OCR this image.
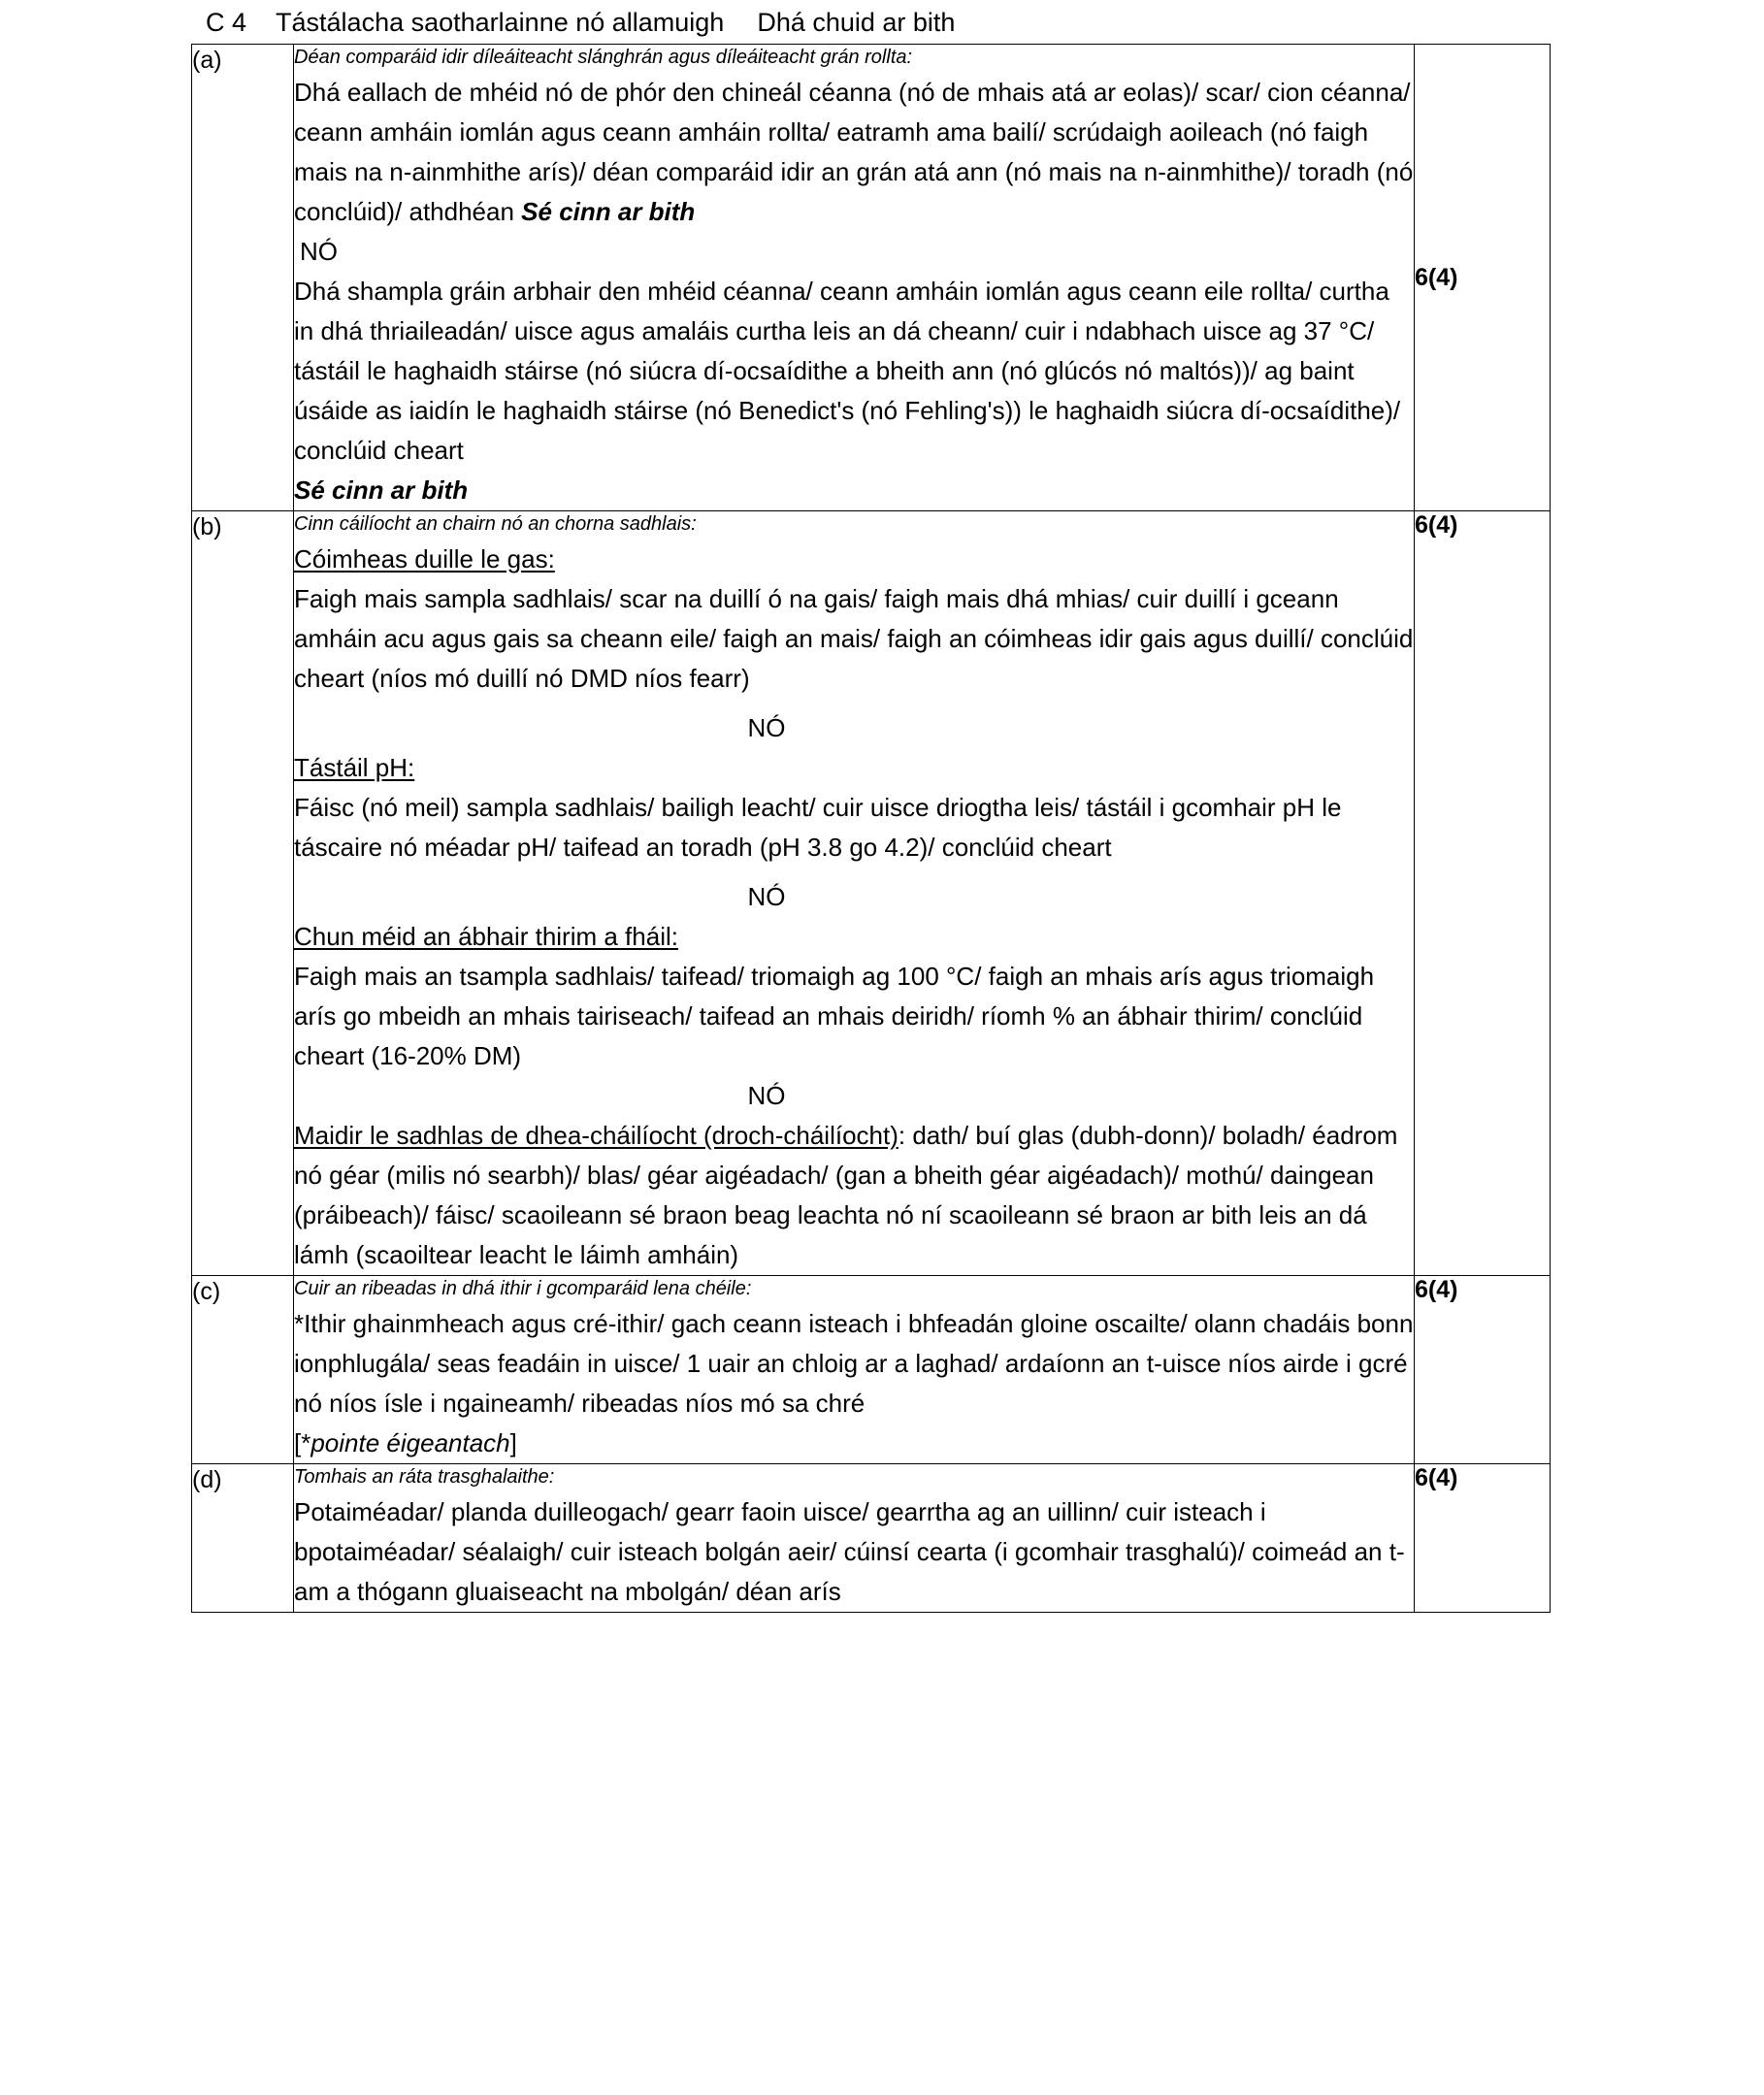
C 4 Tástálacha saotharlainne nó allamuigh Dhá chuid ar bith
(a)	Déan comparáid idir díleáiteacht slánghrán agus díleáiteacht grán rollta:

Dhá eallach de mhéid nó de phór den chineál céanna (nó de mhais atá ar eolas)/ scar/ cion céanna/ ceann amháin iomlán agus ceann amháin rollta/ eatramh ama bailí/ scrúdaigh aoileach (nó faigh mais na n-ainmhithe arís)/ déan comparáid idir an grán atá ann (nó mais na n-ainmhithe)/ toradh (nó conclúid)/ athdhéan Sé cinn ar bith

NÓ

Dhá shampla gráin arbhair den mhéid céanna/ ceann amháin iomlán agus ceann eile rollta/ curtha in dhá thriaileadán/ uisce agus amaláis curtha leis an dá cheann/ cuir i ndabhach uisce ag 37 °C/ tástáil le haghaidh stáirse (nó siúcra dí-ocsaídithe a bheith ann (nó glúcós nó maltós))/ ag baint úsáide as iaidín le haghaidh stáirse (nó Benedict's (nó Fehling's)) le haghaidh siúcra dí-ocsaídithe)/ conclúid cheart

Sé cinn ar bith	6(4)
(b)	Cinn cáilíocht an chairn nó an chorna sadhlais:

Cóimheas duille le gas:

Faigh mais sampla sadhlais/ scar na duillí ó na gais/ faigh mais dhá mhias/ cuir duillí i gceann amháin acu agus gais sa cheann eile/ faigh an mais/ faigh an cóimheas idir gais agus duillí/ conclúid cheart (níos mó duillí nó DMD níos fearr)

NÓ

Tástáil pH:

Fáisc (nó meil) sampla sadhlais/ bailigh leacht/ cuir uisce driogtha leis/ tástáil i gcomhair pH le táscaire nó méadar pH/ taifead an toradh (pH 3.8 go 4.2)/ conclúid cheart

NÓ

Chun méid an ábhair thirim a fháil:

Faigh mais an tsampla sadhlais/ taifead/ triomaigh ag 100 °C/ faigh an mhais arís agus triomaigh arís go mbeidh an mhais tairiseach/ taifead an mhais deiridh/ ríomh % an ábhair thirim/ conclúid cheart (16-20% DM)

NÓ

Maidir le sadhlas de dhea-cháilíocht (droch-cháilíocht): dath/ buí glas (dubh-donn)/ boladh/ éadrom nó géar (milis nó searbh)/ blas/ géar aigéadach/ (gan a bheith géar aigéadach)/ mothú/ daingean (práibeach)/ fáisc/ scaoileann sé braon beag leachta nó ní scaoileann sé braon ar bith leis an dá lámh (scaoiltear leacht le láimh amháin)

	6(4)
(c)	Cuir an ribeadas in dhá ithir i gcomparáid lena chéile:

*Ithir ghainmheach agus cré-ithir/ gach ceann isteach i bhfeadán gloine oscailte/ olann chadáis bonn ionphlugála/ seas feadáin in uisce/ 1 uair an chloig ar a laghad/ ardaíonn an t-uisce níos airde i gcré nó níos ísle i ngaineamh/ ribeadas níos mó sa chré

[*pointe éigeantach]	6(4)
(d)	Tomhais an ráta trasghalaithe:

Potaiméadar/ planda duilleogach/ gearr faoin uisce/ gearrtha ag an uillinn/ cuir isteach i bpotaiméadar/ séalaigh/ cuir isteach bolgán aeir/ cúinsí cearta (i gcomhair trasghalú)/ coimeád an t-am a thógann gluaiseacht na mbolgán/ déan arís	6(4)
